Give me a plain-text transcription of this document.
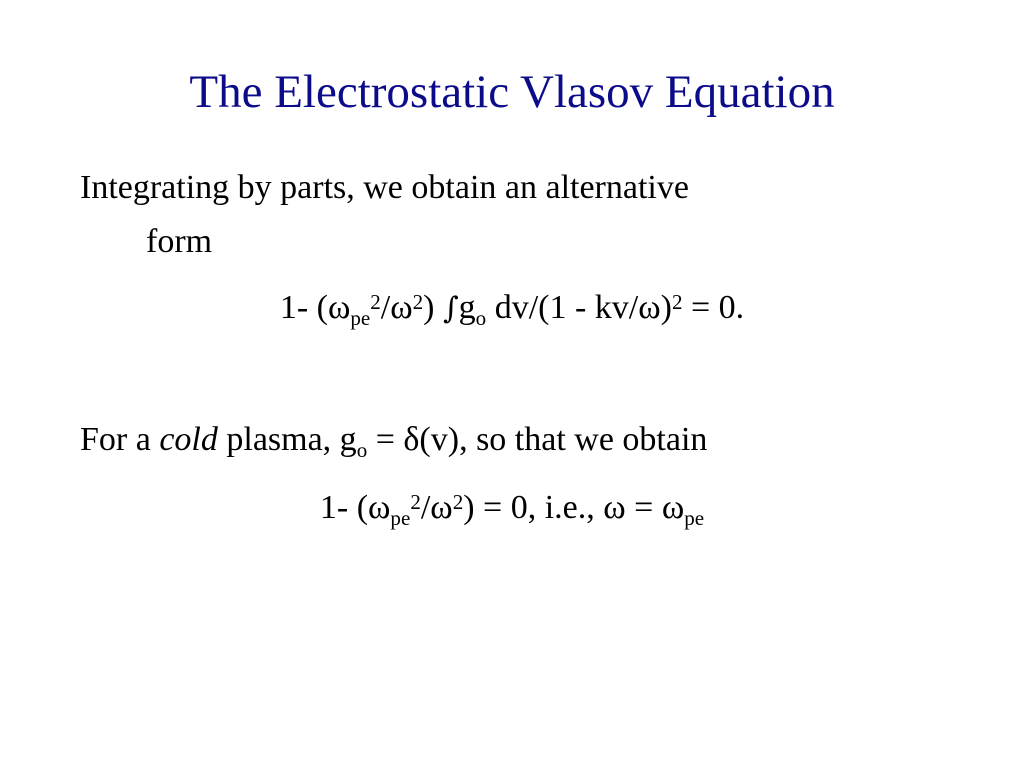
The Electrostatic Vlasov Equation
Integrating by parts, we obtain an alternative
form
1- $(\omega_{pe}^2/\omega^2)$ $\int g_o$ dv/(1 - kv/ω)$^2$ = 0.
For a cold plasma, $g_o = \delta(v)$, so that we obtain
1- $(\omega_{pe}^2/\omega^2) = 0$, i.e., $\omega = \omega_{pe}$
